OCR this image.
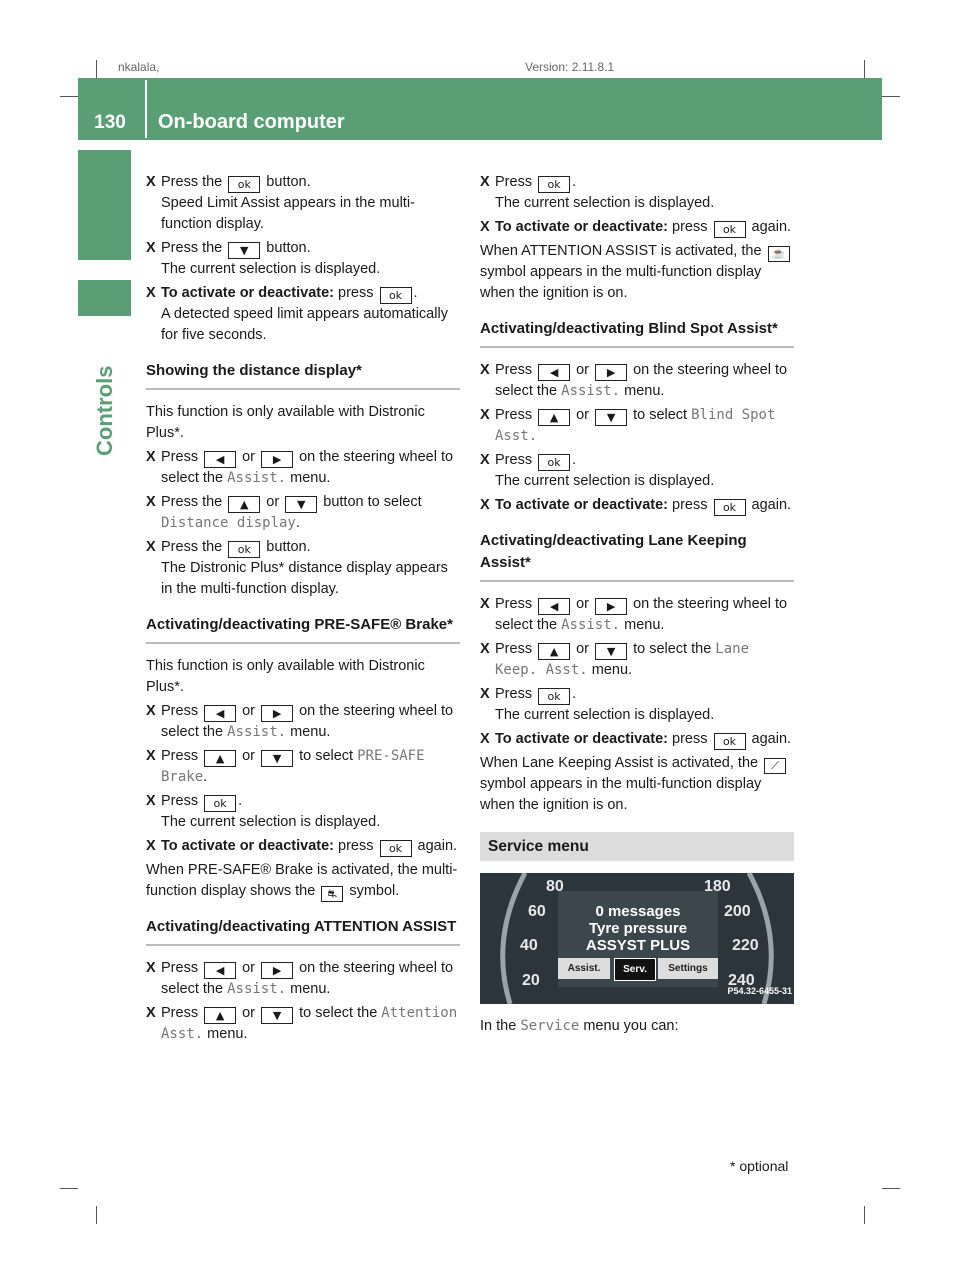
nkalala,	Version: 2.11.8.1
130	On-board computer
Controls
X Press the ok button.
Speed Limit Assist appears in the multi-function display.
X Press the ▼ button.
The current selection is displayed.
X To activate or deactivate: press ok .
A detected speed limit appears automatically for five seconds.
Showing the distance display*
This function is only available with Distronic Plus*.
X Press ◀ or ▶ on the steering wheel to select the Assist. menu.
X Press the ▲ or ▼ button to select Distance display.
X Press the ok button.
The Distronic Plus* distance display appears in the multi-function display.
Activating/deactivating PRE-SAFE® Brake*
This function is only available with Distronic Plus*.
X Press ◀ or ▶ on the steering wheel to select the Assist. menu.
X Press ▲ or ▼ to select PRE-SAFE Brake.
X Press ok .
The current selection is displayed.
X To activate or deactivate: press ok again.
When PRE-SAFE® Brake is activated, the multi-function display shows the ⛐ symbol.
Activating/deactivating ATTENTION ASSIST
X Press ◀ or ▶ on the steering wheel to select the Assist. menu.
X Press ▲ or ▼ to select the Attention Asst. menu.
X Press ok .
The current selection is displayed.
X To activate or deactivate: press ok again.
When ATTENTION ASSIST is activated, the ☕ symbol appears in the multi-function display when the ignition is on.
Activating/deactivating Blind Spot Assist*
X Press ◀ or ▶ on the steering wheel to select the Assist. menu.
X Press ▲ or ▼ to select Blind Spot Asst.
X Press ok .
The current selection is displayed.
X To activate or deactivate: press ok again.
Activating/deactivating Lane Keeping Assist*
X Press ◀ or ▶ on the steering wheel to select the Assist. menu.
X Press ▲ or ▼ to select the Lane Keep. Asst. menu.
X Press ok .
The current selection is displayed.
X To activate or deactivate: press ok again.
When Lane Keeping Assist is activated, the ⟋ symbol appears in the multi-function display when the ignition is on.
Service menu
80
60
40
20
180
200
220
240
0 messages
Tyre pressure
ASSYST PLUS
Assist.	Serv.	Settings
P54.32-6455-31
In the Service menu you can:
* optional
